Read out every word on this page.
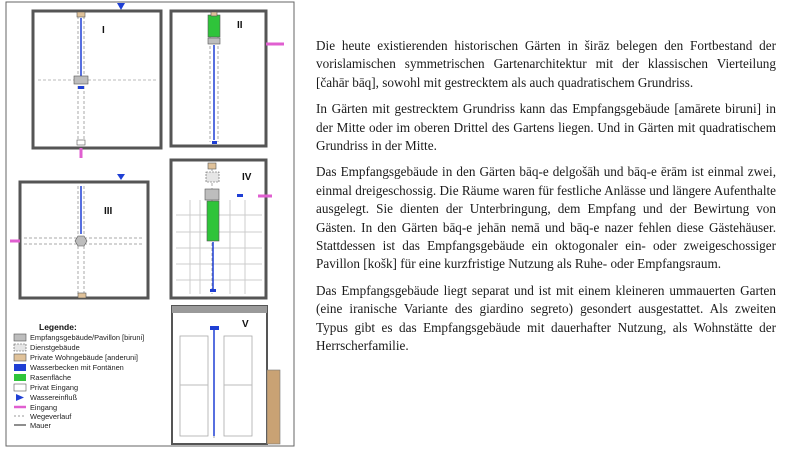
I	II
III
IV
V
Legende:
Empfangsgebäude/Pavillon [biruni]
Dienstgebäude
Private Wohngebäude [anderuni]
Wasserbecken mit Fontänen
Rasenfläche
Privat Eingang
Wassereinfluß
Eingang
Wegeverlauf
Mauer

Die heute existierenden historischen Gärten in širāz belegen den Fortbestand der vorislamischen symmetrischen Gartenarchitektur mit der klassischen Vierteilung [čahār bāq], sowohl mit gestrecktem als auch quadratischem Grundriss.

In Gärten mit gestrecktem Grundriss kann das Empfangsgebäude [amārete biruni] in der Mitte oder im oberen Drittel des Gartens liegen. Und in Gärten mit quadratischem Grundriss in der Mitte.

Das Empfangsgebäude in den Gärten bāq-e delgošāh und bāq-e ērām ist einmal zwei, einmal dreigeschossig. Die Räume waren für festliche Anlässe und längere Aufenthalte ausgelegt. Sie dienten der Unterbringung, dem Empfang und der Bewirtung von Gästen. In den Gärten bāq-e jehān nemā und bāq-e nazer fehlen diese Gästehäuser. Stattdessen ist das Empfangsgebäude ein oktogonaler ein- oder zweigeschossiger Pavillon [košk] für eine kurzfristige Nutzung als Ruhe- oder Empfangsraum.

Das Empfangsgebäude liegt separat und ist mit einem kleineren ummauerten Garten (eine iranische Variante des giardino segreto) gesondert ausgestattet. Als zweiten Typus gibt es das Empfangsgebäude mit dauerhafter Nutzung, als Wohnstätte der Herrscherfamilie.
